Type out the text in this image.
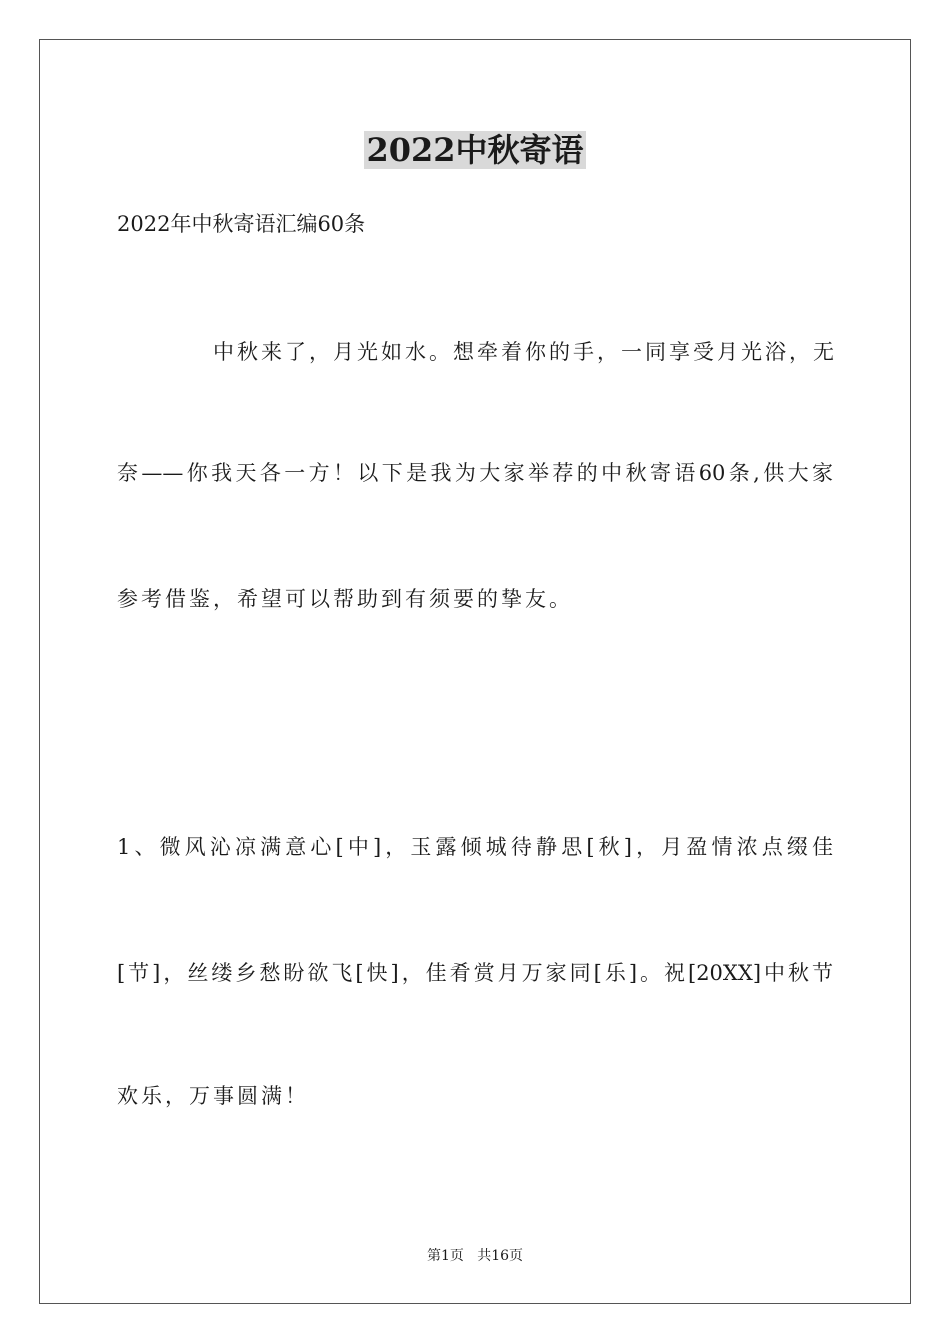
2022中秋寄语
2022年中秋寄语汇编60条
中秋来了，月光如水。想牵着你的手，一同享受月光浴，无
奈——你我天各一方！以下是我为大家举荐的中秋寄语60条,供大家
参考借鉴，希望可以帮助到有须要的挚友。
1、微风沁凉满意心[中]，玉露倾城待静思[秋]，月盈情浓点缀佳
[节]，丝缕乡愁盼欲飞[快]，佳肴赏月万家同[乐]。祝[20XX]中秋节
欢乐，万事圆满！
第1页   共16页
